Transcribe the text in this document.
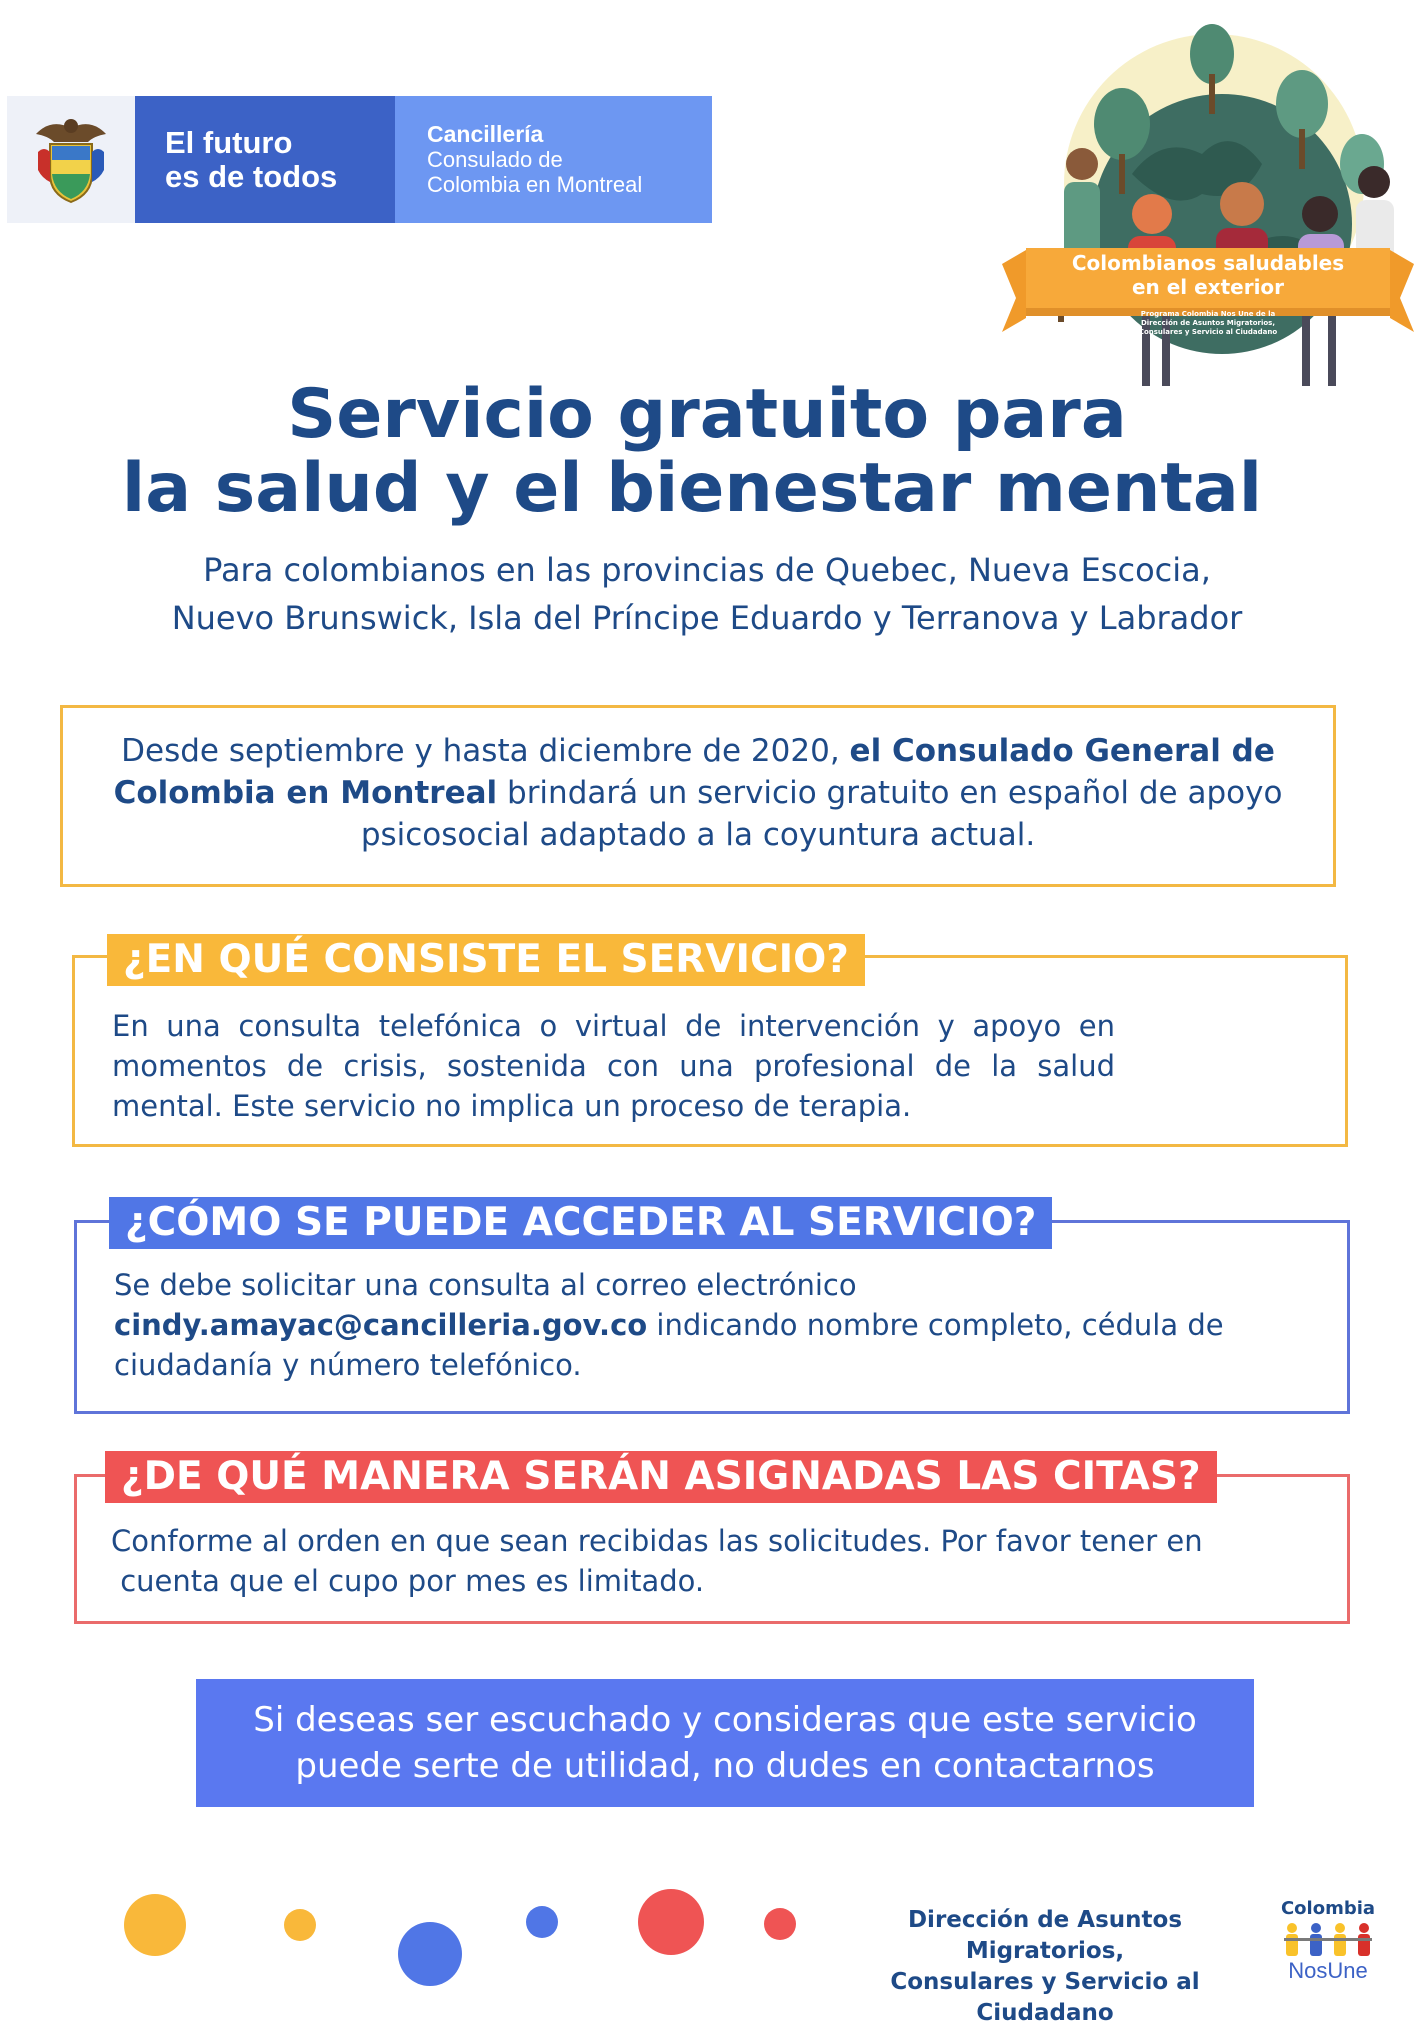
El futuro
es de todos
Cancillería
Consulado de
Colombia en Montreal
Colombianos saludables
en el exterior
Programa Colombia Nos Une de la Dirección de Asuntos Migratorios, Consulares y Servicio al Ciudadano
Servicio gratuito para
la salud y el bienestar mental
Para colombianos en las provincias de Quebec, Nueva Escocia,
Nuevo Brunswick, Isla del Príncipe Eduardo y Terranova y Labrador
Desde septiembre y hasta diciembre de 2020, el Consulado General de Colombia en Montreal brindará un servicio gratuito en español de apoyo psicosocial adaptado a la coyuntura actual.
¿EN QUÉ CONSISTE EL SERVICIO?

En una consulta telefónica o virtual de intervención y apoyo en momentos de crisis, sostenida con una profesional de la salud mental. Este servicio no implica un proceso de terapia.

¿CÓMO SE PUEDE ACCEDER AL SERVICIO?

Se debe solicitar una consulta al correo electrónico
cindy.amayac@cancilleria.gov.co indicando nombre completo, cédula de ciudadanía y número telefónico.

¿DE QUÉ MANERA SERÁN ASIGNADAS LAS CITAS?

Conforme al orden en que sean recibidas las solicitudes. Por favor tener en
cuenta que el cupo por mes es limitado.

Si deseas ser escuchado y consideras que este servicio
puede serte de utilidad, no dudes en contactarnos
Dirección de Asuntos Migratorios,
Consulares y Servicio al Ciudadano
Colombia
NosUne
